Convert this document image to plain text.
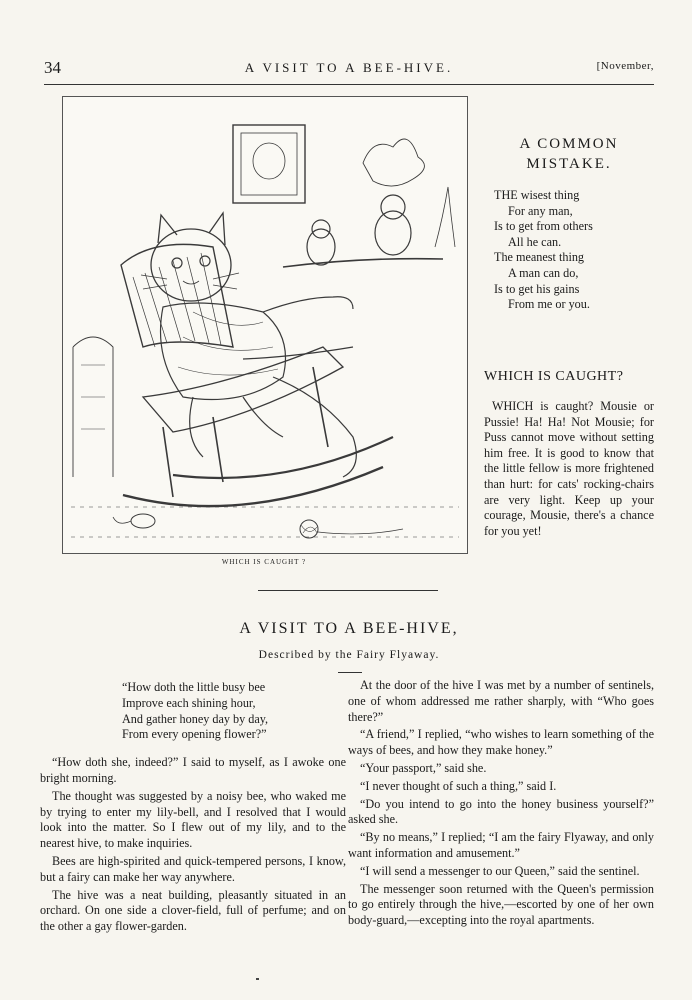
34	A VISIT TO A BEE-HIVE.	[November,
WHICH IS CAUGHT ?
A COMMON
MISTAKE.
THE wisest thing
For any man,
Is to get from others
All he can.
The meanest thing
A man can do,
Is to get his gains
From me or you.
WHICH IS CAUGHT?
WHICH is caught? Mousie or Pussie! Ha! Ha! Not Mousie; for Puss cannot move without setting him free. It is good to know that the little fellow is more frightened than hurt: for cats' rocking-chairs are very light. Keep up your courage, Mousie, there's a chance for you yet!
A VISIT TO A BEE-HIVE,
Described by the Fairy Flyaway.
“How doth the little busy bee
Improve each shining hour,
And gather honey day by day,
From every opening flower?”

“How doth she, indeed?” I said to myself, as I awoke one bright morning.

The thought was suggested by a noisy bee, who waked me by trying to enter my lily-bell, and I resolved that I would look into the matter. So I flew out of my lily, and to the nearest hive, to make inquiries.

Bees are high-spirited and quick-tempered persons, I know, but a fairy can make her way anywhere.

The hive was a neat building, pleasantly situated in an orchard. On one side a clover-field, full of perfume; and on the other a gay flower-garden.

At the door of the hive I was met by a number of sentinels, one of whom addressed me rather sharply, with “Who goes there?”

“A friend,” I replied, “who wishes to learn something of the ways of bees, and how they make honey.”

“Your passport,” said she.

“I never thought of such a thing,” said I.

“Do you intend to go into the honey business yourself?” asked she.

“By no means,” I replied; “I am the fairy Flyaway, and only want information and amusement.”

“I will send a messenger to our Queen,” said the sentinel.

The messenger soon returned with the Queen's permission to go entirely through the hive,—escorted by one of her own body-guard,—excepting into the royal apartments.
